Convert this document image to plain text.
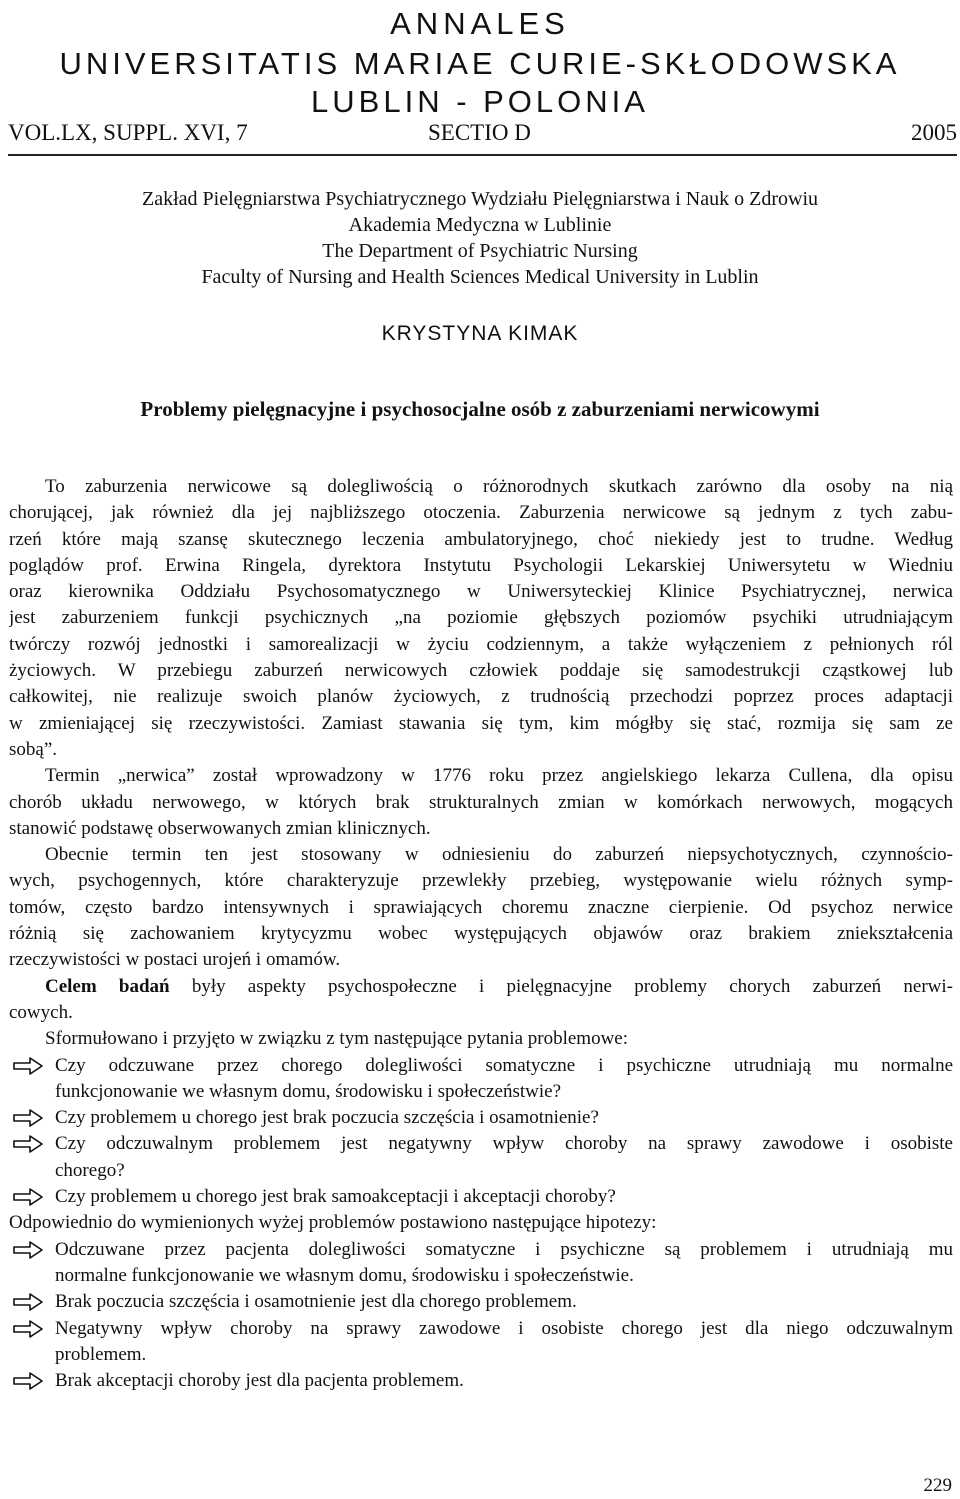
ANNALES
UNIVERSITATIS MARIAE CURIE-SKŁODOWSKA
LUBLIN - POLONIA
VOL.LX, SUPPL. XVI, 7	SECTIO D	2005
Zakład Pielęgniarstwa Psychiatrycznego Wydziału Pielęgniarstwa i Nauk o Zdrowiu
Akademia Medyczna w Lublinie
The Department of Psychiatric Nursing
Faculty of Nursing and Health Sciences Medical University in Lublin
KRYSTYNA KIMAK
Problemy pielęgnacyjne i psychosocjalne osób z zaburzeniami nerwicowymi
To zaburzenia nerwicowe są dolegliwością o różnorodnych skutkach zarówno dla osoby na nią
chorującej, jak również dla jej najbliższego otoczenia. Zaburzenia nerwicowe są jednym z tych zabu-
rzeń które mają szansę skutecznego leczenia ambulatoryjnego, choć niekiedy jest to trudne. Według
poglądów prof. Erwina Ringela, dyrektora Instytutu Psychologii Lekarskiej Uniwersytetu w Wiedniu
oraz kierownika Oddziału Psychosomatycznego w Uniwersyteckiej Klinice Psychiatrycznej, nerwica
jest zaburzeniem funkcji psychicznych „na poziomie głębszych poziomów psychiki utrudniającym
twórczy rozwój jednostki i samorealizacji w życiu codziennym, a także wyłączeniem z pełnionych ról
życiowych. W przebiegu zaburzeń nerwicowych człowiek poddaje się samodestrukcji cząstkowej lub
całkowitej, nie realizuje swoich planów życiowych, z trudnością przechodzi poprzez proces adaptacji
w zmieniającej się rzeczywistości. Zamiast stawania się tym, kim mógłby się stać, rozmija się sam ze
sobą”.
Termin „nerwica” został wprowadzony w 1776 roku przez angielskiego lekarza Cullena, dla opisu
chorób układu nerwowego, w których brak strukturalnych zmian w komórkach nerwowych, mogących
stanowić podstawę obserwowanych zmian klinicznych.
Obecnie termin ten jest stosowany w odniesieniu do zaburzeń niepsychotycznych, czynnościo-
wych, psychogennych, które charakteryzuje przewlekły przebieg, występowanie wielu różnych symp-
tomów, często bardzo intensywnych i sprawiających choremu znaczne cierpienie. Od psychoz nerwice
różnią się zachowaniem krytycyzmu wobec występujących objawów oraz brakiem zniekształcenia
rzeczywistości w postaci urojeń i omamów.
Celem badań były aspekty psychospołeczne i pielęgnacyjne problemy chorych zaburzeń nerwi-
cowych.
Sformułowano i przyjęto w związku z tym następujące pytania problemowe:
Czy odczuwane przez chorego dolegliwości somatyczne i psychiczne utrudniają mu normalne
funkcjonowanie we własnym domu, środowisku i społeczeństwie?
Czy problemem u chorego jest brak poczucia szczęścia i osamotnienie?
Czy odczuwalnym problemem jest negatywny wpływ choroby na sprawy zawodowe i osobiste
chorego?
Czy problemem u chorego jest brak samoakceptacji i akceptacji choroby?
Odpowiednio do wymienionych wyżej problemów postawiono następujące hipotezy:
Odczuwane przez pacjenta dolegliwości somatyczne i psychiczne są problemem i utrudniają mu
normalne funkcjonowanie we własnym domu, środowisku i społeczeństwie.
Brak poczucia szczęścia i osamotnienie jest dla chorego problemem.
Negatywny wpływ choroby na sprawy zawodowe i osobiste chorego jest dla niego odczuwalnym
problemem.
Brak akceptacji choroby jest dla pacjenta problemem.
229
